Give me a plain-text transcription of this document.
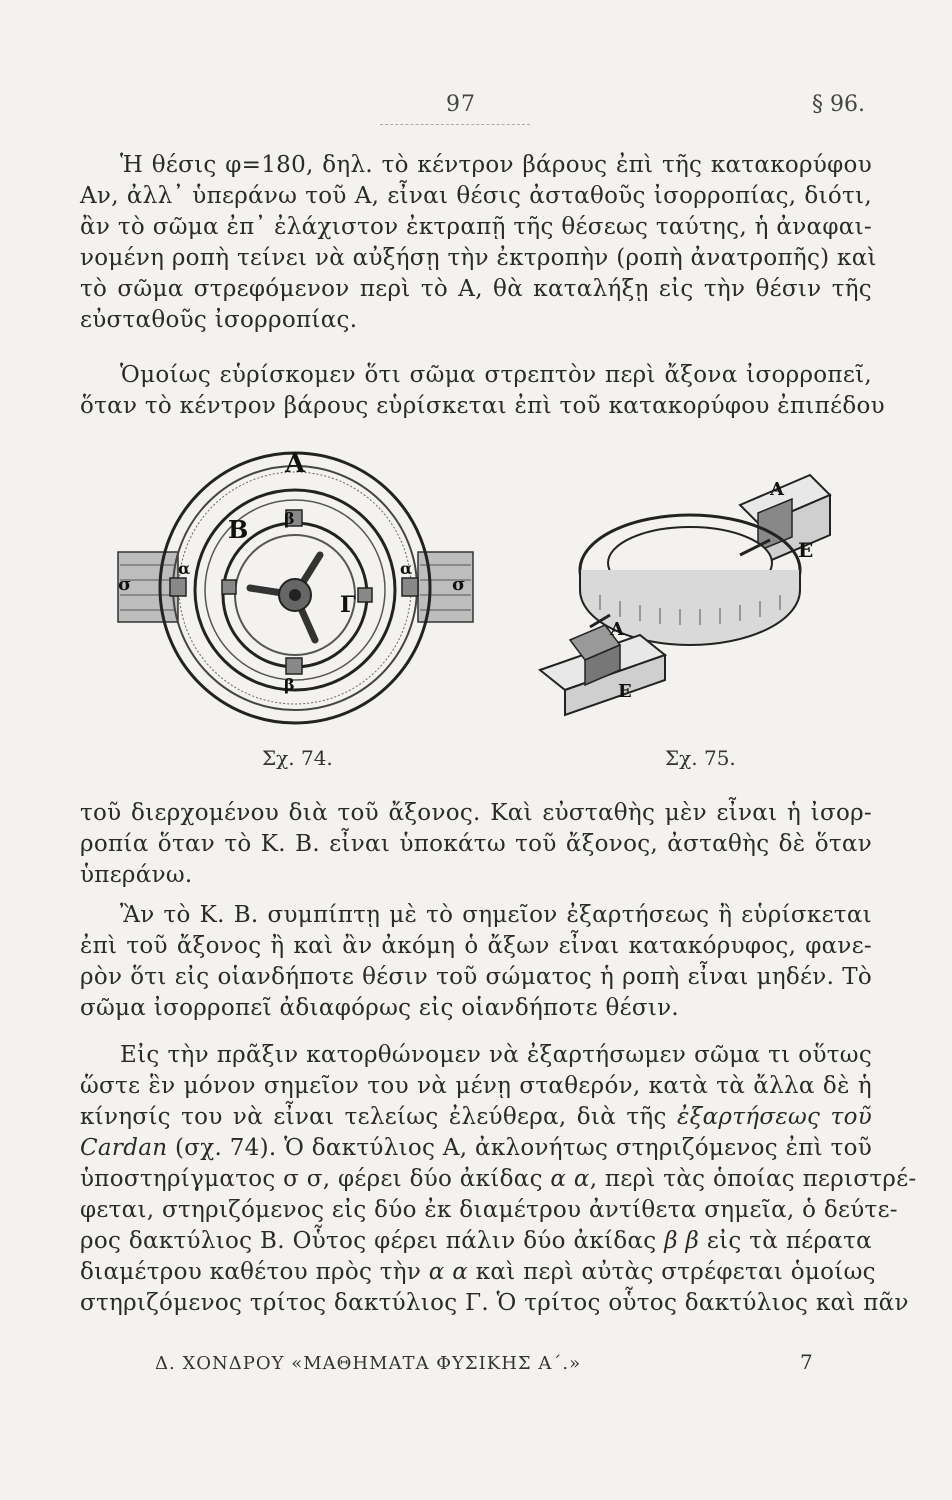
97	§ 96.
Ἡ θέσις φ=180, δηλ. τὸ κέντρον βάρους ἐπὶ τῆς κατακορύφου
Αν, ἀλλ᾽ ὑπεράνω τοῦ Α, εἶναι θέσις ἀσταθοῦς ἰσορροπίας, διότι,
ἂν τὸ σῶμα ἐπ᾽ ἐλάχιστον ἐκτραπῇ τῆς θέσεως ταύτης, ἡ ἀναφαι-
νομένη ροπὴ τείνει νὰ αὐξήσῃ τὴν ἐκτροπὴν (ροπὴ ἀνατροπῆς) καὶ
τὸ σῶμα στρεφόμενον περὶ τὸ Α, θὰ καταλήξῃ εἰς τὴν θέσιν τῆς
εὐσταθοῦς ἰσορροπίας.
Ὁμοίως εὑρίσκομεν ὅτι σῶμα στρεπτὸν περὶ ἄξονα ἰσορροπεῖ,
ὅταν τὸ κέντρον βάρους εὑρίσκεται ἐπὶ τοῦ κατακορύφου ἐπιπέδου
Α
Β
Γ
σ	σ
α	α
β
β
Σχ. 74.
Α
Ε
Α
Ε
Σχ. 75.
τοῦ διερχομένου διὰ τοῦ ἄξονος. Καὶ εὐσταθὴς μὲν εἶναι ἡ ἰσορ-
ροπία ὅταν τὸ Κ. Β. εἶναι ὑποκάτω τοῦ ἄξονος, ἀσταθὴς δὲ ὅταν
ὑπεράνω.
Ἂν τὸ Κ. Β. συμπίπτῃ μὲ τὸ σημεῖον ἐξαρτήσεως ἢ εὑρίσκεται
ἐπὶ τοῦ ἄξονος ἢ καὶ ἂν ἀκόμη ὁ ἄξων εἶναι κατακόρυφος, φανε-
ρὸν ὅτι εἰς οἱανδήποτε θέσιν τοῦ σώματος ἡ ροπὴ εἶναι μηδέν. Τὸ
σῶμα ἰσορροπεῖ ἀδιαφόρως εἰς οἱανδήποτε θέσιν.
Εἰς τὴν πρᾶξιν κατορθώνομεν νὰ ἐξαρτήσωμεν σῶμα τι οὕτως
ὥστε ἓν μόνον σημεῖον του νὰ μένῃ σταθερόν, κατὰ τὰ ἄλλα δὲ ἡ
κίνησίς του νὰ εἶναι τελείως ἐλεύθερα, διὰ τῆς ἐξαρτήσεως τοῦ
Cardan (σχ. 74). Ὁ δακτύλιος Α, ἀκλονήτως στηριζόμενος ἐπὶ τοῦ
ὑποστηρίγματος σ σ, φέρει δύο ἀκίδας α α, περὶ τὰς ὁποίας περιστρέ-
φεται, στηριζόμενος εἰς δύο ἐκ διαμέτρου ἀντίθετα σημεῖα, ὁ δεύτε-
ρος δακτύλιος Β. Οὗτος φέρει πάλιν δύο ἀκίδας β β εἰς τὰ πέρατα
διαμέτρου καθέτου πρὸς τὴν α α καὶ περὶ αὐτὰς στρέφεται ὁμοίως
στηριζόμενος τρίτος δακτύλιος Γ. Ὁ τρίτος οὗτος δακτύλιος καὶ πᾶν
Δ. ΧΟΝΔΡΟΥ «ΜΑΘΗΜΑΤΑ ΦΥΣΙΚΗΣ Α΄.»	7
